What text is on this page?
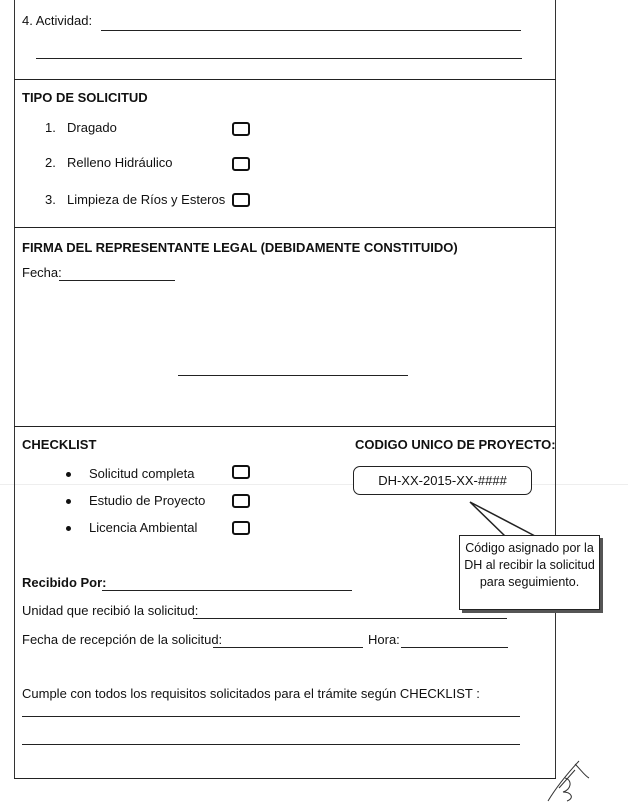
4. Actividad:
TIPO DE SOLICITUD
1. Dragado
2. Relleno Hidráulico
3. Limpieza de Ríos y Esteros
FIRMA DEL REPRESENTANTE LEGAL (DEBIDAMENTE CONSTITUIDO)
Fecha:
CHECKLIST
Solicitud completa
Estudio de Proyecto
Licencia Ambiental
CODIGO UNICO DE PROYECTO:
DH-XX-2015-XX-####
Código asignado por la
DH al recibir la solicitud
para seguimiento.
Recibido Por:
Unidad que recibió la solicitud:
Fecha de recepción de la solicitud:	Hora:
Cumple con todos los requisitos solicitados para el trámite según CHECKLIST :
